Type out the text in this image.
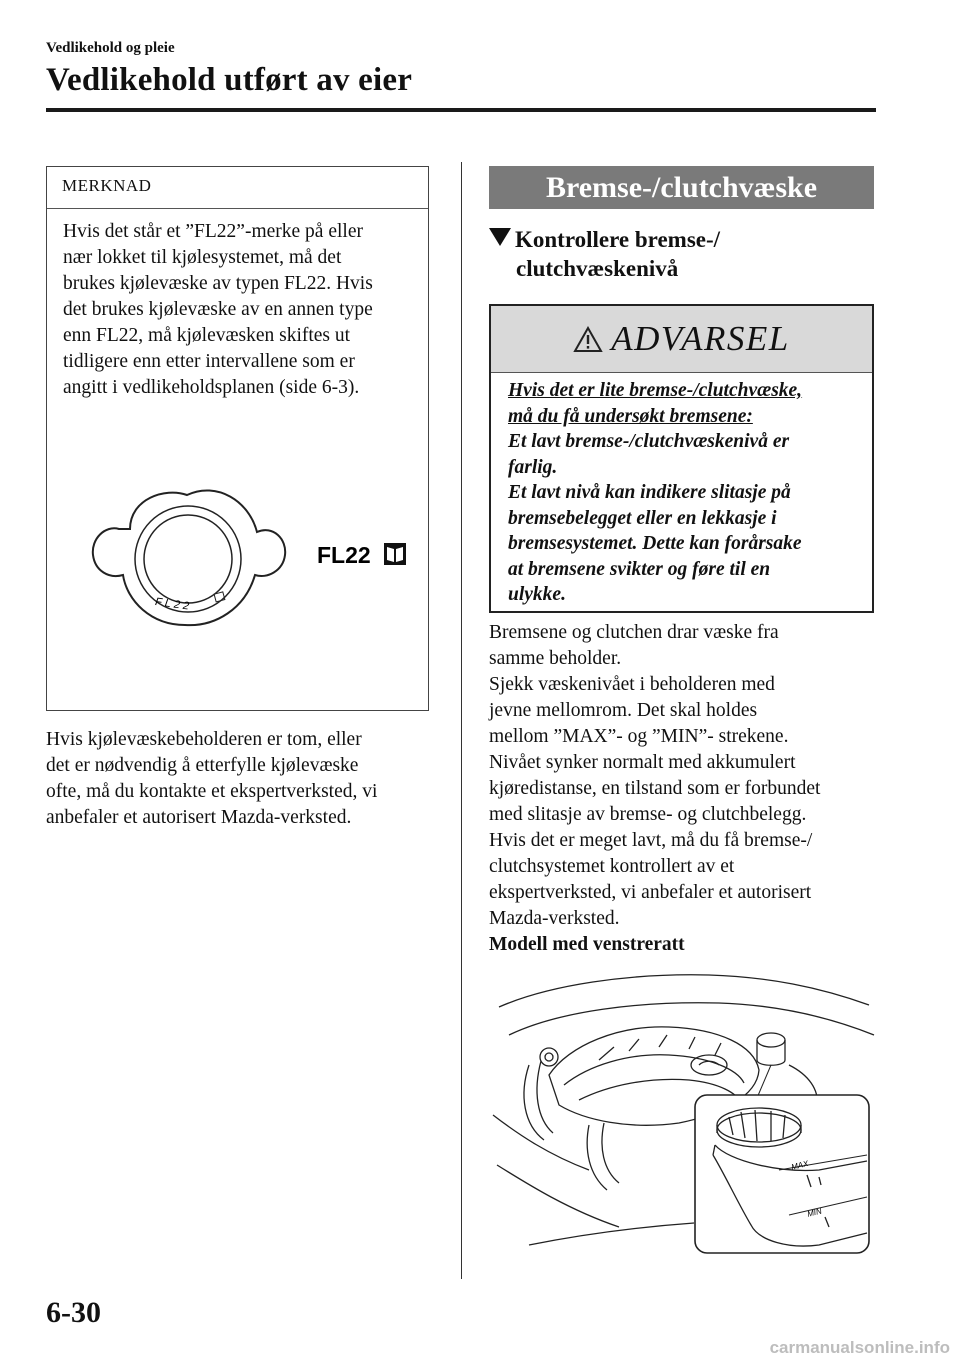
Vedlikehold og pleie
Vedlikehold utført av eier
MERKNAD
Hvis det står et ”FL22”-merke på eller
nær lokket til kjølesystemet, må det
brukes kjølevæske av typen FL22. Hvis
det brukes kjølevæske av en annen type
enn FL22, må kjølevæsken skiftes ut
tidligere enn etter intervallene som er
angitt i vedlikeholdsplanen (side 6-3).
FL22
FL22
Hvis kjølevæskebeholderen er tom, eller
det er nødvendig å etterfylle kjølevæske
ofte, må du kontakte et ekspertverksted, vi
anbefaler et autorisert Mazda-verksted.
Bremse-/clutchvæske
Kontrollere bremse-/
clutchvæskenivå
ADVARSEL
Hvis det er lite bremse-/clutchvæske,
må du få undersøkt bremsene:
Et lavt bremse-/clutchvæskenivå er
farlig.
Et lavt nivå kan indikere slitasje på
bremsebelegget eller en lekkasje i
bremsesystemet. Dette kan forårsake
at bremsene svikter og føre til en
ulykke.
Bremsene og clutchen drar væske fra
samme beholder.
Sjekk væskenivået i beholderen med
jevne mellomrom. Det skal holdes
mellom ”MAX”- og ”MIN”- strekene.
Nivået synker normalt med akkumulert
kjøredistanse, en tilstand som er forbundet
med slitasje av bremse- og clutchbelegg.
Hvis det er meget lavt, må du få bremse-/
clutchsystemet kontrollert av et
ekspertverksted, vi anbefaler et autorisert
Mazda-verksted.
Modell med venstreratt
MAX
MIN
6-30
carmanualsonline.info
